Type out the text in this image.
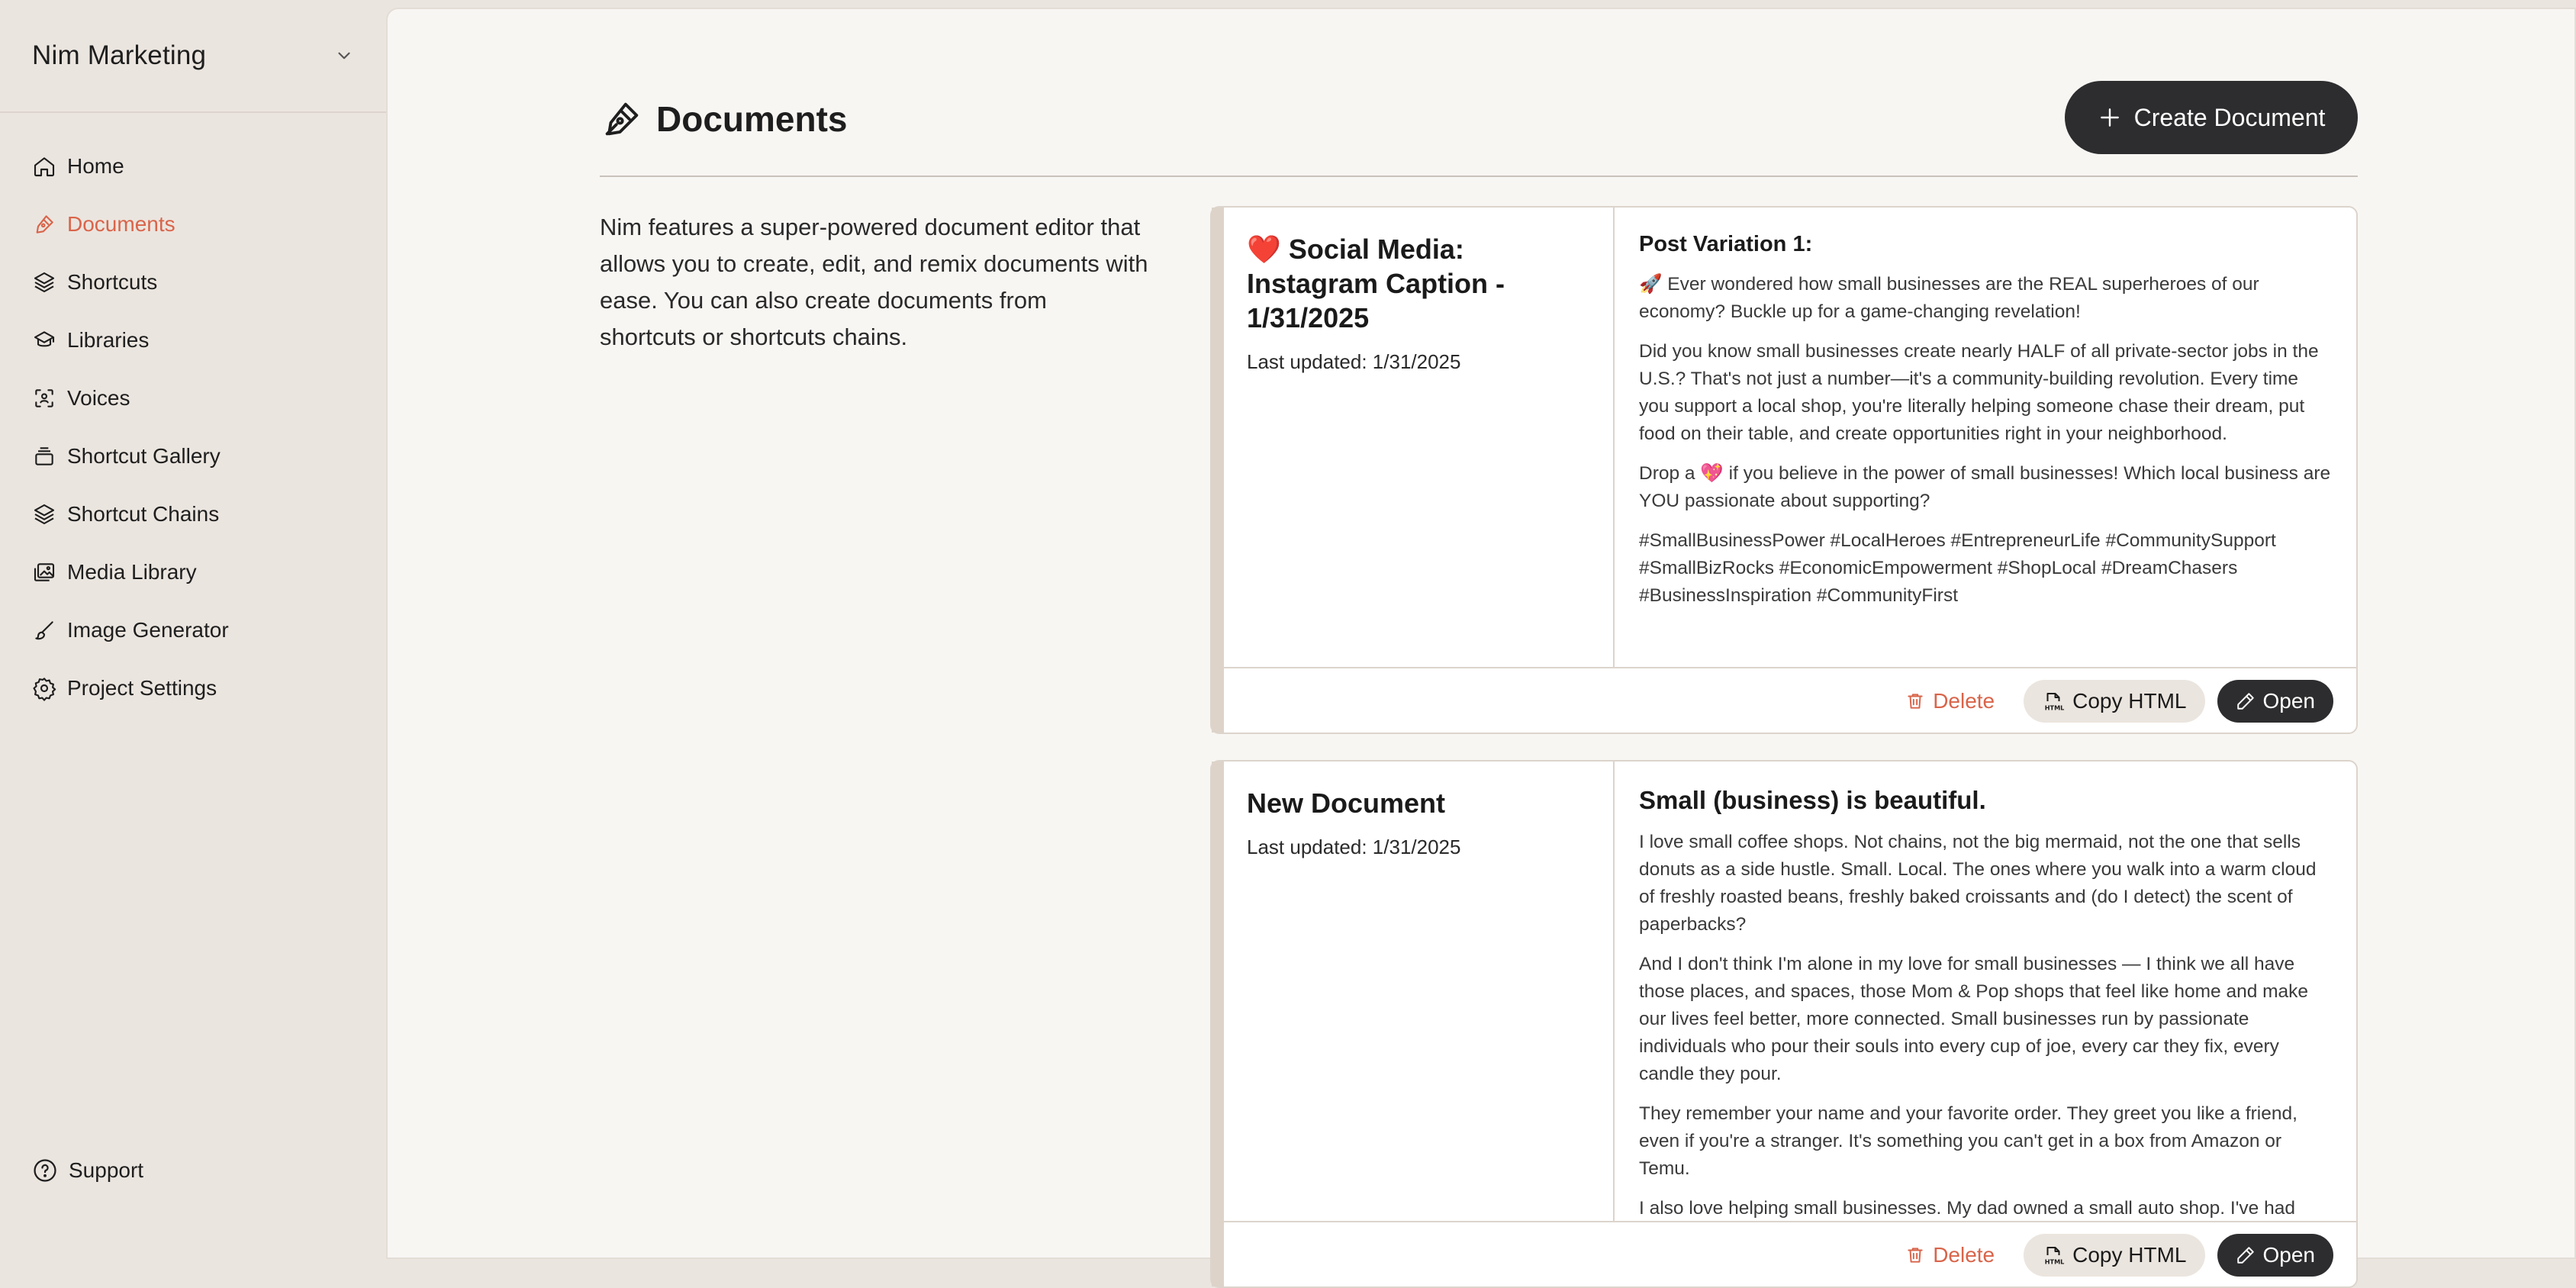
Nim Marketing
Home
Documents
Shortcuts
Libraries
Voices
Shortcut Gallery
Shortcut Chains
Media Library
Image Generator
Project Settings
Support
Documents	Create Document

Nim features a super-powered document editor that allows you to create, edit, and remix documents with ease. You can also create documents from shortcuts or shortcuts chains.

❤️ Social Media: Instagram Caption - 1/31/2025
Last updated: 1/31/2025
Post Variation 1:

🚀 Ever wondered how small businesses are the REAL superheroes of our economy? Buckle up for a game-changing revelation!

Did you know small businesses create nearly HALF of all private-sector jobs in the U.S.? That's not just a number—it's a community-building revolution. Every time you support a local shop, you're literally helping someone chase their dream, put food on their table, and create opportunities right in your neighborhood.

Drop a 💖 if you believe in the power of small businesses! Which local business are YOU passionate about supporting?

#SmallBusinessPower #LocalHeroes #EntrepreneurLife #CommunitySupport #SmallBizRocks #EconomicEmpowerment #ShopLocal #DreamChasers #BusinessInspiration #CommunityFirst

Delete	HTML Copy HTML	Open
New Document
Last updated: 1/31/2025
Small (business) is beautiful.

I love small coffee shops. Not chains, not the big mermaid, not the one that sells donuts as a side hustle. Small. Local. The ones where you walk into a warm cloud of freshly roasted beans, freshly baked croissants and (do I detect) the scent of paperbacks?

And I don't think I'm alone in my love for small businesses — I think we all have those places, and spaces, those Mom & Pop shops that feel like home and make our lives feel better, more connected. Small businesses run by passionate individuals who pour their souls into every cup of joe, every car they fix, every candle they pour.

They remember your name and your favorite order. They greet you like a friend, even if you're a stranger. It's something you can't get in a box from Amazon or Temu.

I also love helping small businesses. My dad owned a small auto shop. I've had

Delete	HTML Copy HTML	Open
